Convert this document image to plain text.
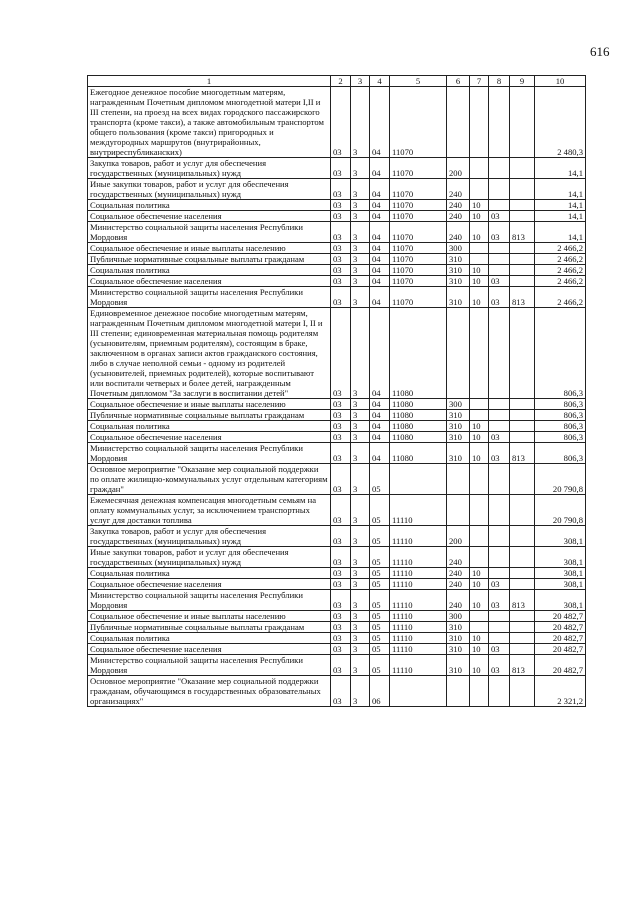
616
1	2	3	4	5	6	7	8	9	10
Ежегодное денежное пособие многодетным матерям, награжденным Почетным дипломом многодетной матери I,II и III степени, на проезд на всех видах городского пассажирского транспорта (кроме такси), а также автомобильным транспортом общего пользования (кроме такси) пригородных и междугородных маршрутов (внутрирайонных, внутриреспубликанских)	03	3	04	11070					2 480,3
Закупка товаров, работ и услуг для обеспечения государственных (муниципальных) нужд	03	3	04	11070	200				14,1
Иные закупки товаров, работ и услуг для обеспечения государственных (муниципальных) нужд	03	3	04	11070	240				14,1
Социальная политика	03	3	04	11070	240	10			14,1
Социальное обеспечение населения	03	3	04	11070	240	10	03		14,1
Министерство социальной защиты населения Республики Мордовия	03	3	04	11070	240	10	03	813	14,1
Социальное обеспечение и иные выплаты населению	03	3	04	11070	300				2 466,2
Публичные нормативные социальные выплаты гражданам	03	3	04	11070	310				2 466,2
Социальная политика	03	3	04	11070	310	10			2 466,2
Социальное обеспечение населения	03	3	04	11070	310	10	03		2 466,2
Министерство социальной защиты населения Республики Мордовия	03	3	04	11070	310	10	03	813	2 466,2
Единовременное денежное пособие многодетным матерям, награжденным Почетным дипломом многодетной матери I, II и III степени; единовременная материальная помощь родителям (усыновителям, приемным родителям), состоящим в браке, заключенном в органах записи актов гражданского состояния, либо в случае неполной семьи - одному из родителей (усыновителей, приемных родителей), которые воспитывают или воспитали четверых и более детей, награжденным Почетным дипломом "За заслуги в воспитании детей"	03	3	04	11080					806,3
Социальное обеспечение и иные выплаты населению	03	3	04	11080	300				806,3
Публичные нормативные социальные выплаты гражданам	03	3	04	11080	310				806,3
Социальная политика	03	3	04	11080	310	10			806,3
Социальное обеспечение населения	03	3	04	11080	310	10	03		806,3
Министерство социальной защиты населения Республики Мордовия	03	3	04	11080	310	10	03	813	806,3
Основное мероприятие "Оказание мер социальной поддержки по оплате жилищно-коммунальных услуг отдельным категориям граждан"	03	3	05						20 790,8
Ежемесячная денежная компенсация многодетным семьям на оплату коммунальных услуг, за исключением транспортных услуг для доставки топлива	03	3	05	11110					20 790,8
Закупка товаров, работ и услуг для обеспечения государственных (муниципальных) нужд	03	3	05	11110	200				308,1
Иные закупки товаров, работ и услуг для обеспечения государственных (муниципальных) нужд	03	3	05	11110	240				308,1
Социальная политика	03	3	05	11110	240	10			308,1
Социальное обеспечение населения	03	3	05	11110	240	10	03		308,1
Министерство социальной защиты населения Республики Мордовия	03	3	05	11110	240	10	03	813	308,1
Социальное обеспечение и иные выплаты населению	03	3	05	11110	300				20 482,7
Публичные нормативные социальные выплаты гражданам	03	3	05	11110	310				20 482,7
Социальная политика	03	3	05	11110	310	10			20 482,7
Социальное обеспечение населения	03	3	05	11110	310	10	03		20 482,7
Министерство социальной защиты населения Республики Мордовия	03	3	05	11110	310	10	03	813	20 482,7
Основное мероприятие "Оказание мер социальной поддержки гражданам, обучающимся в государственных образовательных организациях"	03	3	06						2 321,2
